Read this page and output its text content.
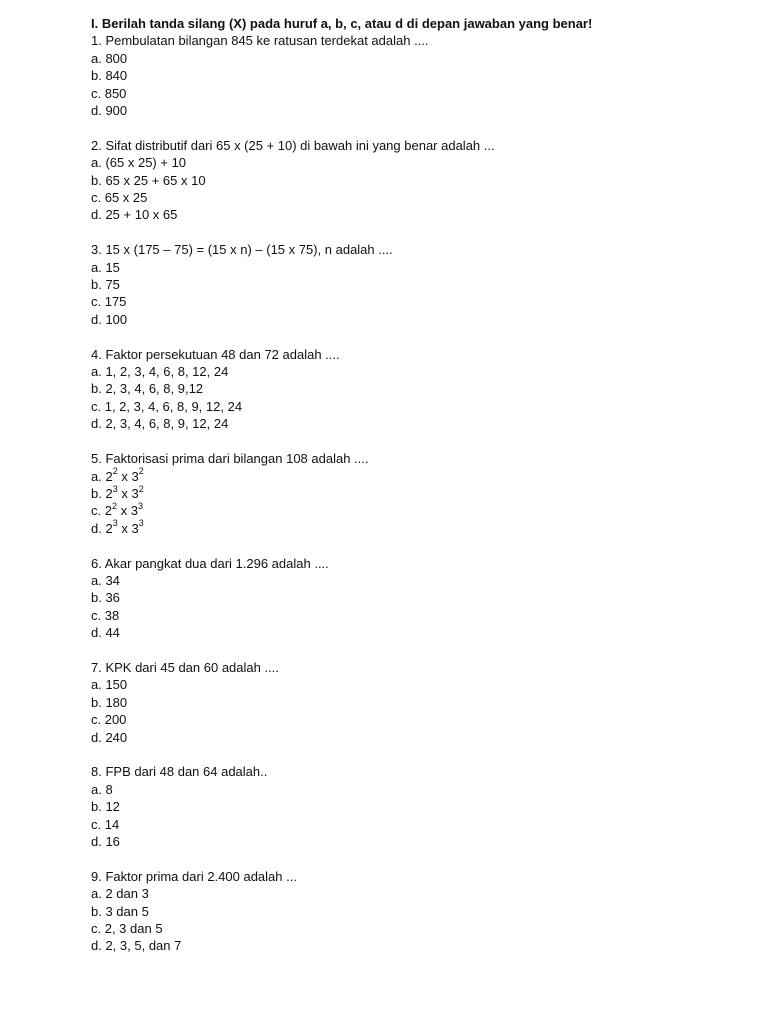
I. Berilah tanda silang (X) pada huruf a, b, c, atau d di depan jawaban yang benar!

1. Pembulatan bilangan 845 ke ratusan terdekat adalah ....

a. 800

b. 840

c. 850

d. 900

2. Sifat distributif dari 65 x (25 + 10) di bawah ini yang benar adalah ...

a. (65 x 25) + 10

b. 65 x 25 + 65 x 10

c. 65 x 25

d. 25 + 10 x 65

3. 15 x (175 – 75) = (15 x n) – (15 x 75), n adalah ....

a. 15

b. 75

c. 175

d. 100

4. Faktor persekutuan 48 dan 72 adalah ....

a. 1, 2, 3, 4, 6, 8, 12, 24

b. 2, 3, 4, 6, 8, 9,12

c. 1, 2, 3, 4, 6, 8, 9, 12, 24

d. 2, 3, 4, 6, 8, 9, 12, 24

5. Faktorisasi prima dari bilangan 108 adalah ....

a. $2^2$ x $3^2$

b. $2^3$ x $3^2$

c. $2^2$ x $3^3$

d. $2^3$ x $3^3$

6. Akar pangkat dua dari 1.296 adalah ....

a. 34

b. 36

c. 38

d. 44

7. KPK dari 45 dan 60 adalah ....

a. 150

b. 180

c. 200

d. 240

8. FPB dari 48 dan 64 adalah..

a. 8

b. 12

c. 14

d. 16

9. Faktor prima dari 2.400 adalah ...

a. 2 dan 3

b. 3 dan 5

c. 2, 3 dan 5

d. 2, 3, 5, dan 7
